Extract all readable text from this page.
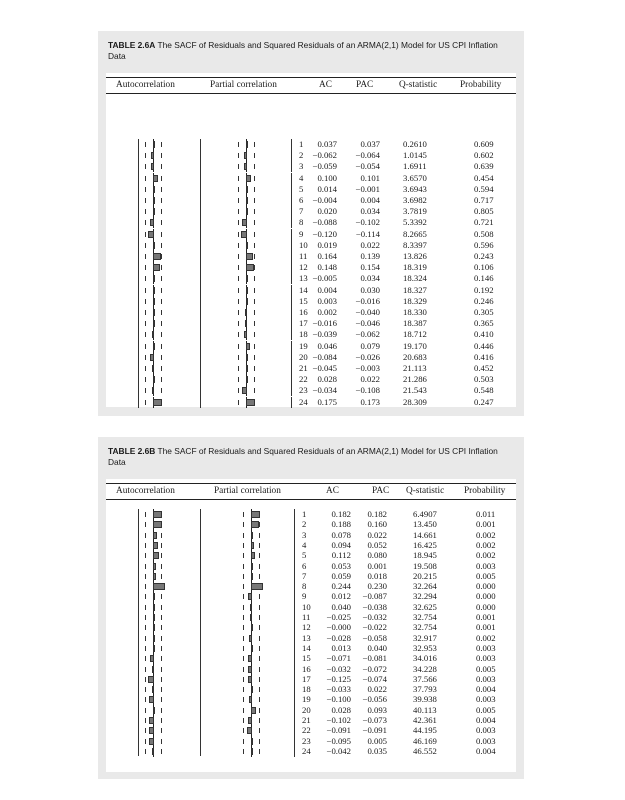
TABLE 2.6A The SACF of Residuals and Squared Residuals of an ARMA(2,1) Model for US CPI Inflation Data
Autocorrelation	Partial correlation	AC	PAC	Q-statistic Probability
1 0.037	0.037	0.2610	0.609
2 −0.062 −0.064	1.0145	0.602
3 −0.059 −0.054	1.6911	0.639
4 0.100	0.101	3.6570	0.454
5 0.014 −0.001	3.6943	0.594
6 −0.004	0.004	3.6982	0.717
7 0.020	0.034	3.7819	0.805
8 −0.088 −0.102	5.3392	0.721
9 −0.120 −0.114	8.2665	0.508
10 0.019	0.022	8.3397	0.596
11 0.164	0.139	13.826	0.243
12 0.148	0.154	18.319	0.106
13 −0.005	0.034	18.324	0.146
14 0.004	0.030	18.327	0.192
15 0.003 −0.016	18.329	0.246
16 0.002 −0.040	18.330	0.305
17 −0.016 −0.046	18.387	0.365
18 −0.039 −0.062	18.712	0.410
19 0.046	0.079	19.170	0.446
20 −0.084 −0.026	20.683	0.416
21 −0.045 −0.003	21.113	0.452
22 0.028	0.022	21.286	0.503
23 −0.034 −0.108	21.543	0.548
24 0.175	0.173	28.309	0.247
TABLE 2.6B The SACF of Residuals and Squared Residuals of an ARMA(2,1) Model for US CPI Inflation Data
Autocorrelation	Partial correlation	AC	PAC Q-statistic Probability
1	0.182 0.182	6.4907	0.011
2	0.188 0.160	13.450	0.001
3	0.078 0.022	14.661	0.002
4	0.094 0.052	16.425	0.002
5	0.112 0.080	18.945	0.002
6	0.053 0.001	19.508	0.003
7	0.059 0.018	20.215	0.005
8	0.244 0.230	32.264	0.000
9	0.012 −0.087	32.294	0.000
10 0.040 −0.038	32.625	0.000
11 −0.025 −0.032	32.754	0.001
12 −0.000 −0.022	32.754	0.001
13 −0.028 −0.058	32.917	0.002
14 0.013 0.040	32.953	0.003
15 −0.071 −0.081	34.016	0.003
16 −0.032 −0.072	34.228	0.005
17 −0.125 −0.074	37.566	0.003
18 −0.033 0.022	37.793	0.004
19 −0.100 −0.056	39.938	0.003
20 0.028 0.093	40.113	0.005
21 −0.102 −0.073	42.361	0.004
22 −0.091 −0.091	44.195	0.003
23 −0.095 0.005	46.169	0.003
24 −0.042 0.035	46.552	0.004
